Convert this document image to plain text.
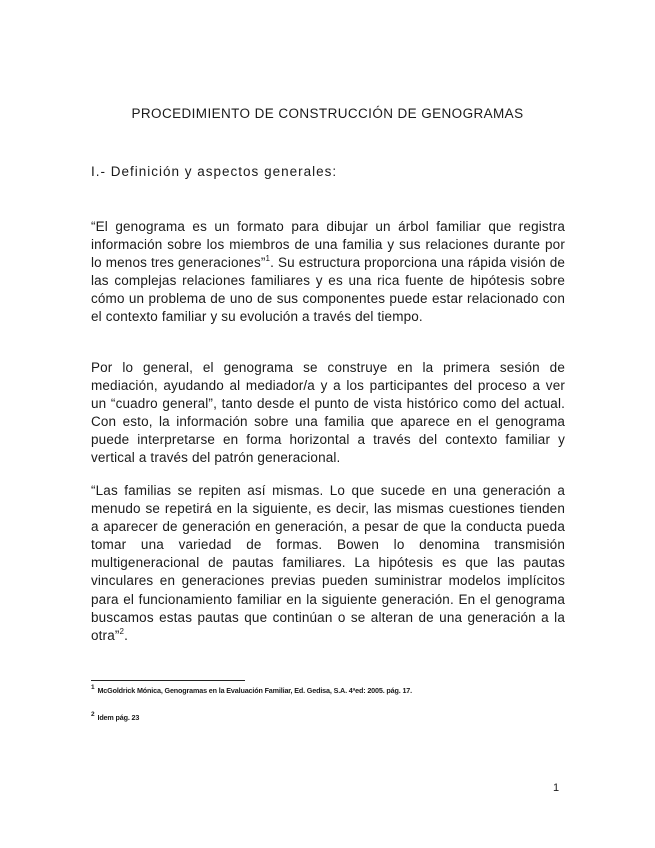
PROCEDIMIENTO DE CONSTRUCCIÓN DE GENOGRAMAS
I.- Definición y aspectos generales:

“El genograma es un formato para dibujar un árbol familiar que registra información sobre los miembros de una familia y sus relaciones durante por lo menos tres generaciones”$^1$. Su estructura proporciona una rápida visión de las complejas relaciones familiares y es una rica fuente de hipótesis sobre cómo un problema de uno de sus componentes puede estar relacionado con el contexto familiar y su evolución a través del tiempo.

Por lo general, el genograma se construye en la primera sesión de mediación, ayudando al mediador/a y a los participantes del proceso a ver un “cuadro general”, tanto desde el punto de vista histórico como del actual. Con esto, la información sobre una familia que aparece en el genograma puede interpretarse en forma horizontal a través del contexto familiar y vertical a través del patrón generacional.

“Las familias se repiten así mismas. Lo que sucede en una generación a menudo se repetirá en la siguiente, es decir, las mismas cuestiones tienden a aparecer de generación en generación, a pesar de que la conducta pueda tomar una variedad de formas. Bowen lo denomina transmisión multigeneracional de pautas familiares. La hipótesis es que las pautas vinculares en generaciones previas pueden suministrar modelos implícitos para el funcionamiento familiar en la siguiente generación. En el genograma buscamos estas pautas que continúan o se alteran de una generación a la otra”$^2$.

$^1$ McGoldrick Mónica, Genogramas en la Evaluación Familiar, Ed. Gedisa, S.A. 4ªed: 2005. pág. 17.

$^2$ Idem pág. 23

1
